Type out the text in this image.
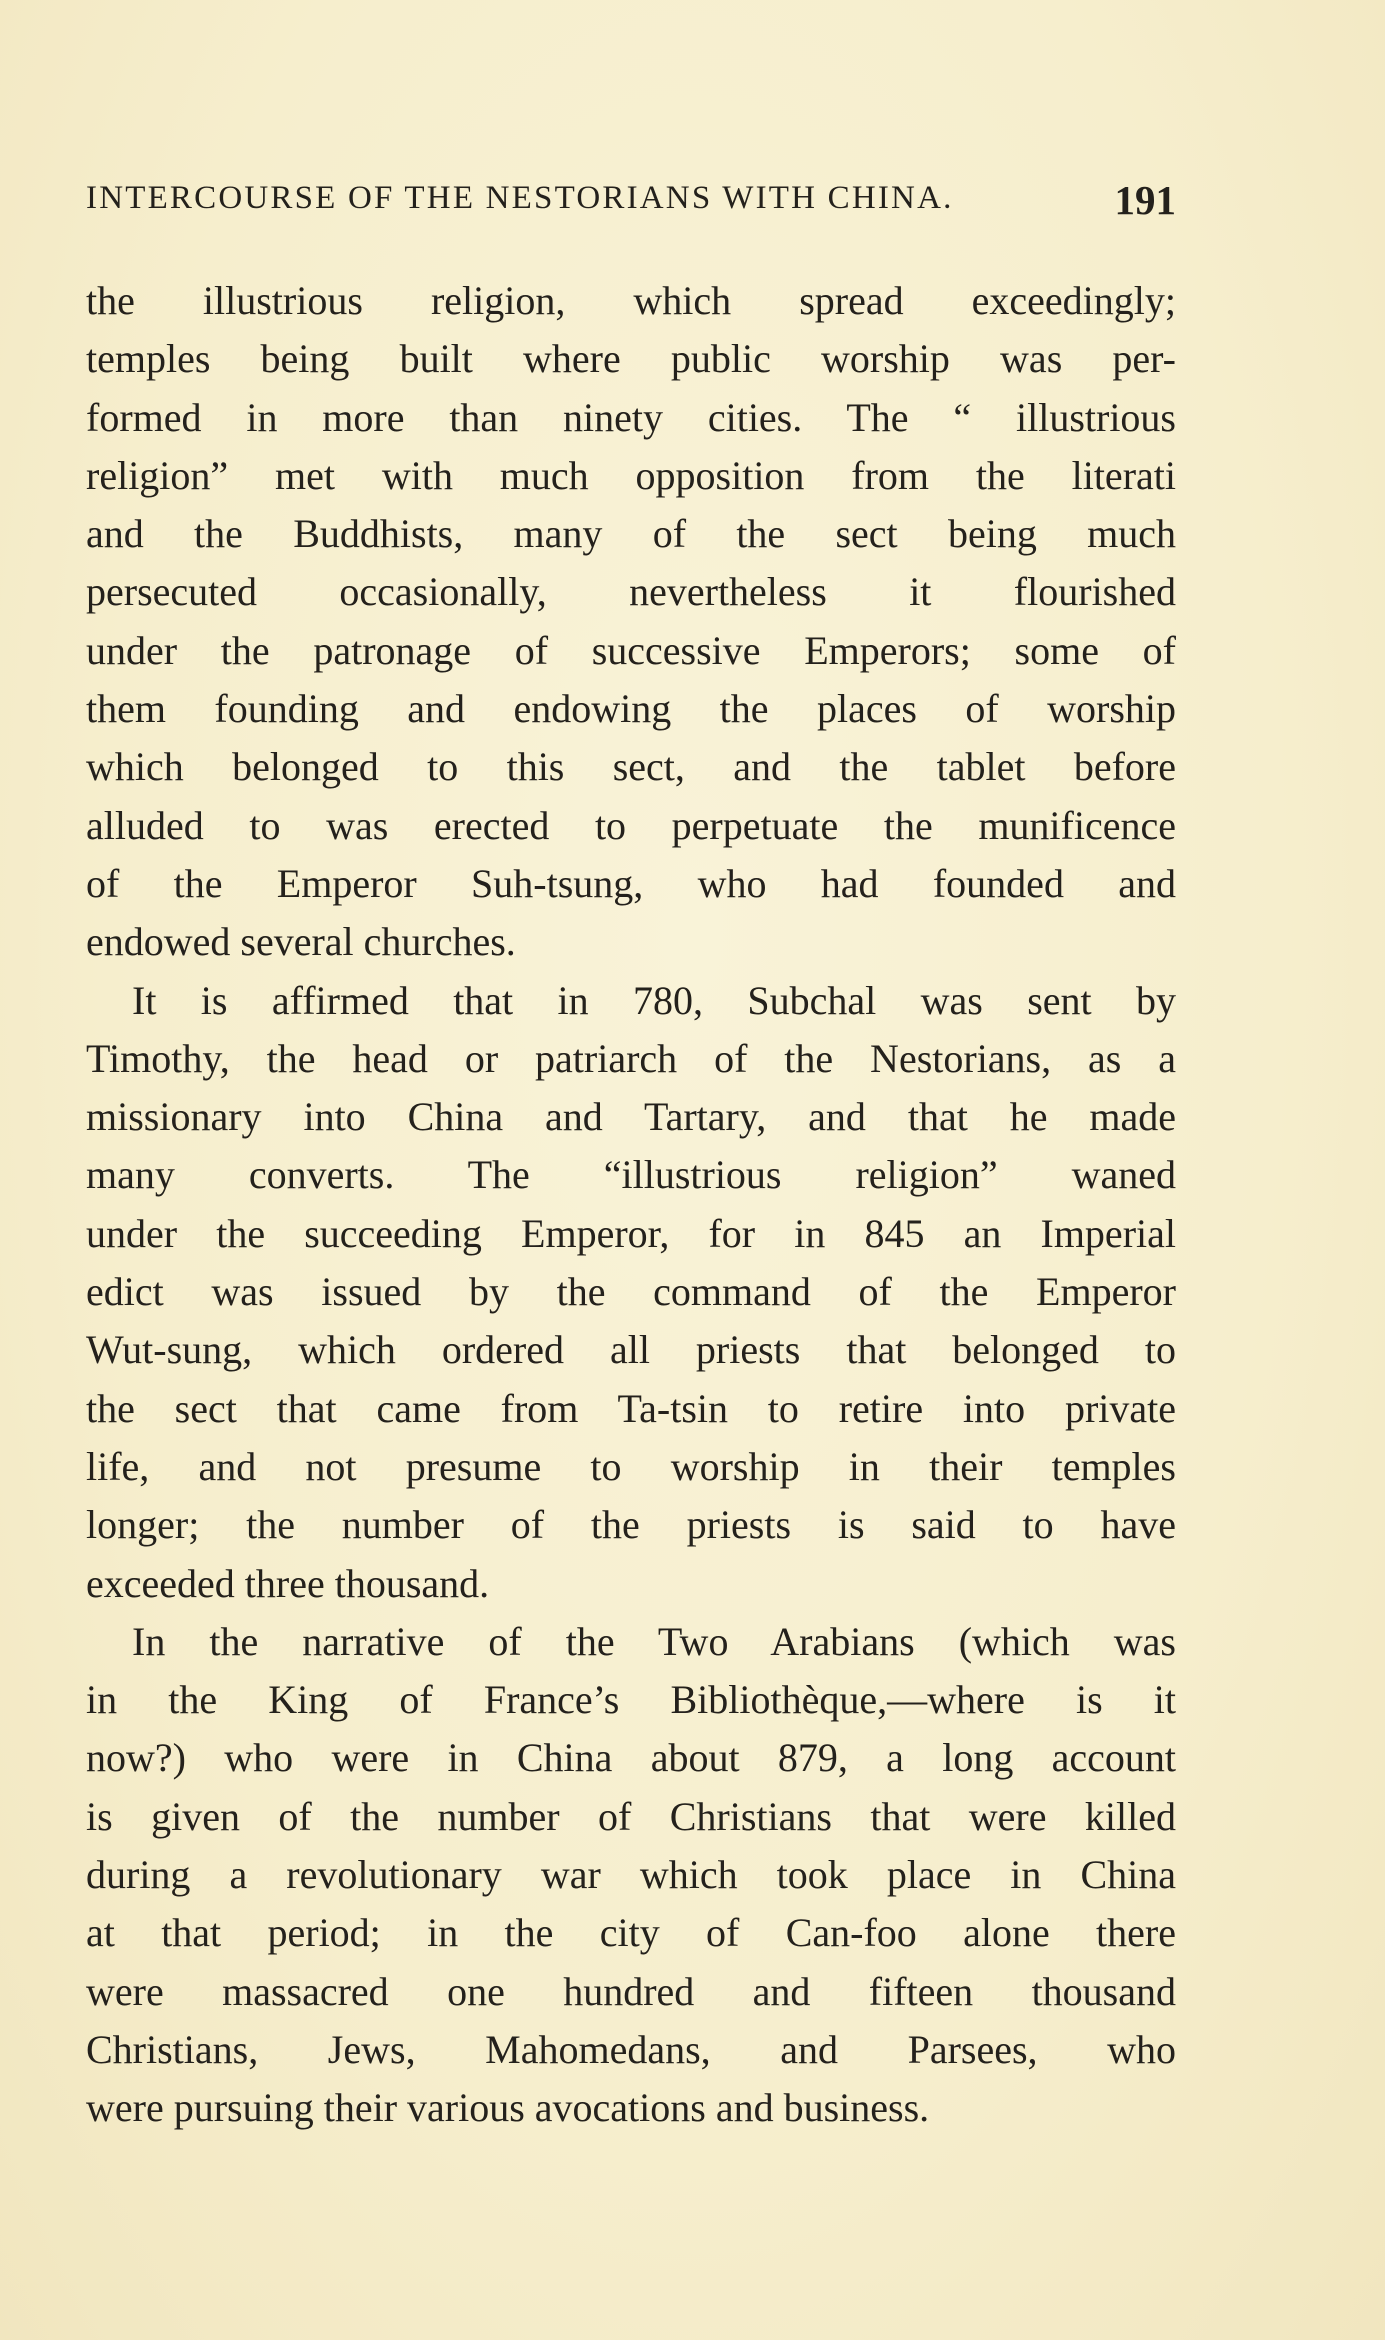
INTERCOURSE OF THE NESTORIANS WITH CHINA.	191
the illustrious religion, which spread exceedingly;
temples being built where public worship was per-
formed in more than ninety cities. The “ illustrious
religion” met with much opposition from the literati
and the Buddhists, many of the sect being much
persecuted occasionally, nevertheless it flourished
under the patronage of successive Emperors; some of
them founding and endowing the places of worship
which belonged to this sect, and the tablet before
alluded to was erected to perpetuate the munificence
of the Emperor Suh-tsung, who had founded and
endowed several churches.
It is affirmed that in 780, Subchal was sent by
Timothy, the head or patriarch of the Nestorians, as a
missionary into China and Tartary, and that he made
many converts. The “illustrious religion” waned
under the succeeding Emperor, for in 845 an Imperial
edict was issued by the command of the Emperor
Wut-sung, which ordered all priests that belonged to
the sect that came from Ta-tsin to retire into private
life, and not presume to worship in their temples
longer; the number of the priests is said to have
exceeded three thousand.
In the narrative of the Two Arabians (which was
in the King of France’s Bibliothèque,—where is it
now?) who were in China about 879, a long account
is given of the number of Christians that were killed
during a revolutionary war which took place in China
at that period; in the city of Can-foo alone there
were massacred one hundred and fifteen thousand
Christians, Jews, Mahomedans, and Parsees, who
were pursuing their various avocations and business.
